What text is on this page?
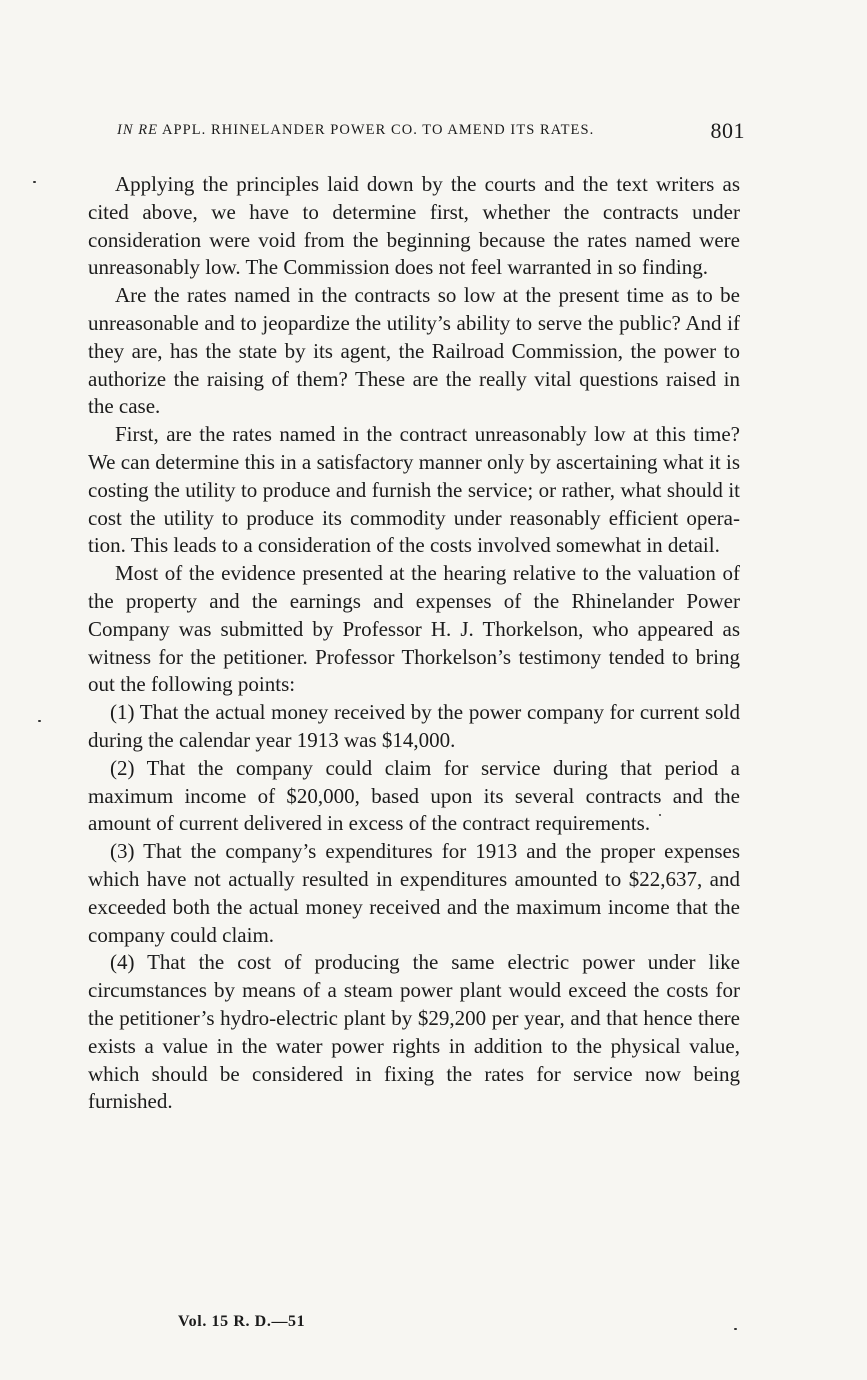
IN RE APPL. RHINELANDER POWER CO. TO AMEND ITS RATES.	801

Applying the principles laid down by the courts and the text writers as cited above, we have to determine first, whether the contracts under consideration were void from the beginning because the rates named were unreasonably low. The Commission does not feel warranted in so finding.

Are the rates named in the contracts so low at the present time as to be unreasonable and to jeopardize the utility’s ability to serve the public? And if they are, has the state by its agent, the Railroad Commission, the power to authorize the raising of them? These are the really vital questions raised in the case.

First, are the rates named in the contract unreasonably low at this time? We can determine this in a satisfactory manner only by ascertaining what it is costing the utility to produce and furnish the service; or rather, what should it cost the utility to produce its commodity under reasonably efficient operation. This leads to a consideration of the costs involved somewhat in detail.

Most of the evidence presented at the hearing relative to the valuation of the property and the earnings and expenses of the Rhinelander Power Company was submitted by Professor H. J. Thorkelson, who appeared as witness for the petitioner. Professor Thorkelson’s testimony tended to bring out the following points:

(1) That the actual money received by the power company for current sold during the calendar year 1913 was $14,000.

(2) That the company could claim for service during that period a maximum income of $20,000, based upon its several contracts and the amount of current delivered in excess of the contract requirements.

(3) That the company’s expenditures for 1913 and the proper expenses which have not actually resulted in expenditures amounted to $22,637, and exceeded both the actual money received and the maximum income that the company could claim.

(4) That the cost of producing the same electric power under like circumstances by means of a steam power plant would exceed the costs for the petitioner’s hydro-electric plant by $29,200 per year, and that hence there exists a value in the water power rights in addition to the physical value, which should be considered in fixing the rates for service now being furnished.

Vol. 15 R. D.—51
